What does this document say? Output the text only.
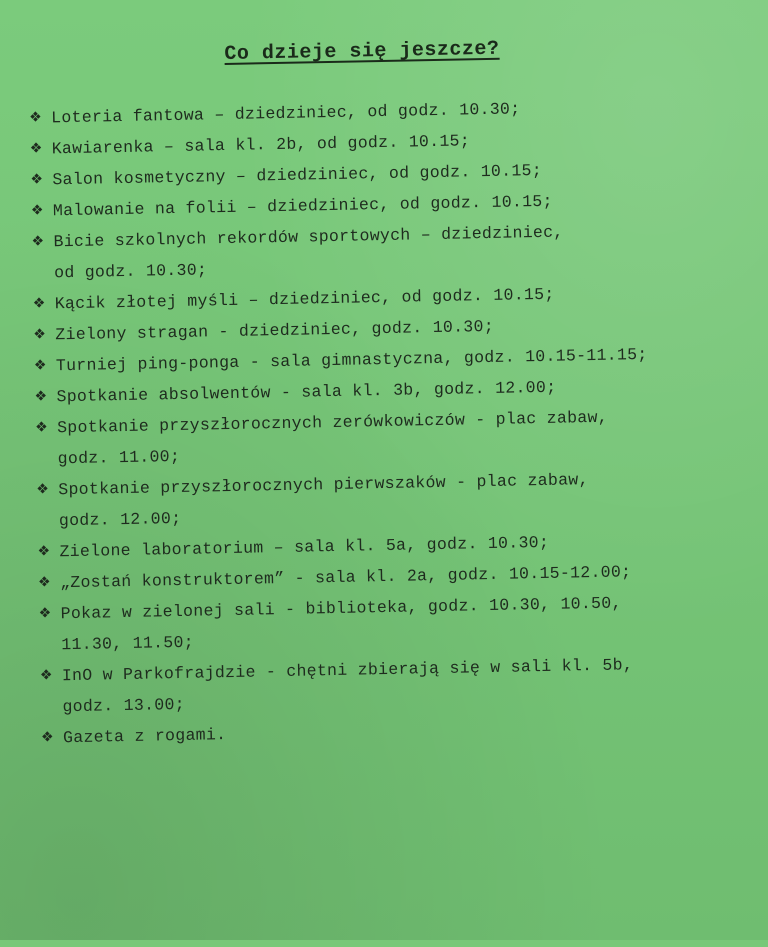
Co dzieje się jeszcze?
❖ Loteria fantowa – dziedziniec, od godz. 10.30;
❖ Kawiarenka – sala kl. 2b, od godz. 10.15;
❖ Salon kosmetyczny – dziedziniec, od godz. 10.15;
❖ Malowanie na folii – dziedziniec, od godz. 10.15;
❖ Bicie szkolnych rekordów sportowych – dziedziniec,
od godz. 10.30;
❖ Kącik złotej myśli – dziedziniec, od godz. 10.15;
❖ Zielony stragan - dziedziniec, godz. 10.30;
❖ Turniej ping-ponga - sala gimnastyczna, godz. 10.15-11.15;
❖ Spotkanie absolwentów - sala kl. 3b, godz. 12.00;
❖ Spotkanie przyszłorocznych zerówkowiczów - plac zabaw,
godz. 11.00;
❖ Spotkanie przyszłorocznych pierwszaków - plac zabaw,
godz. 12.00;
❖ Zielone laboratorium – sala kl. 5a, godz. 10.30;
❖ „Zostań konstruktorem” - sala kl. 2a, godz. 10.15-12.00;
❖ Pokaz w zielonej sali - biblioteka, godz. 10.30, 10.50,
11.30, 11.50;
❖ InO w Parkofrajdzie - chętni zbierają się w sali kl. 5b,
godz. 13.00;
❖ Gazeta z rogami.
